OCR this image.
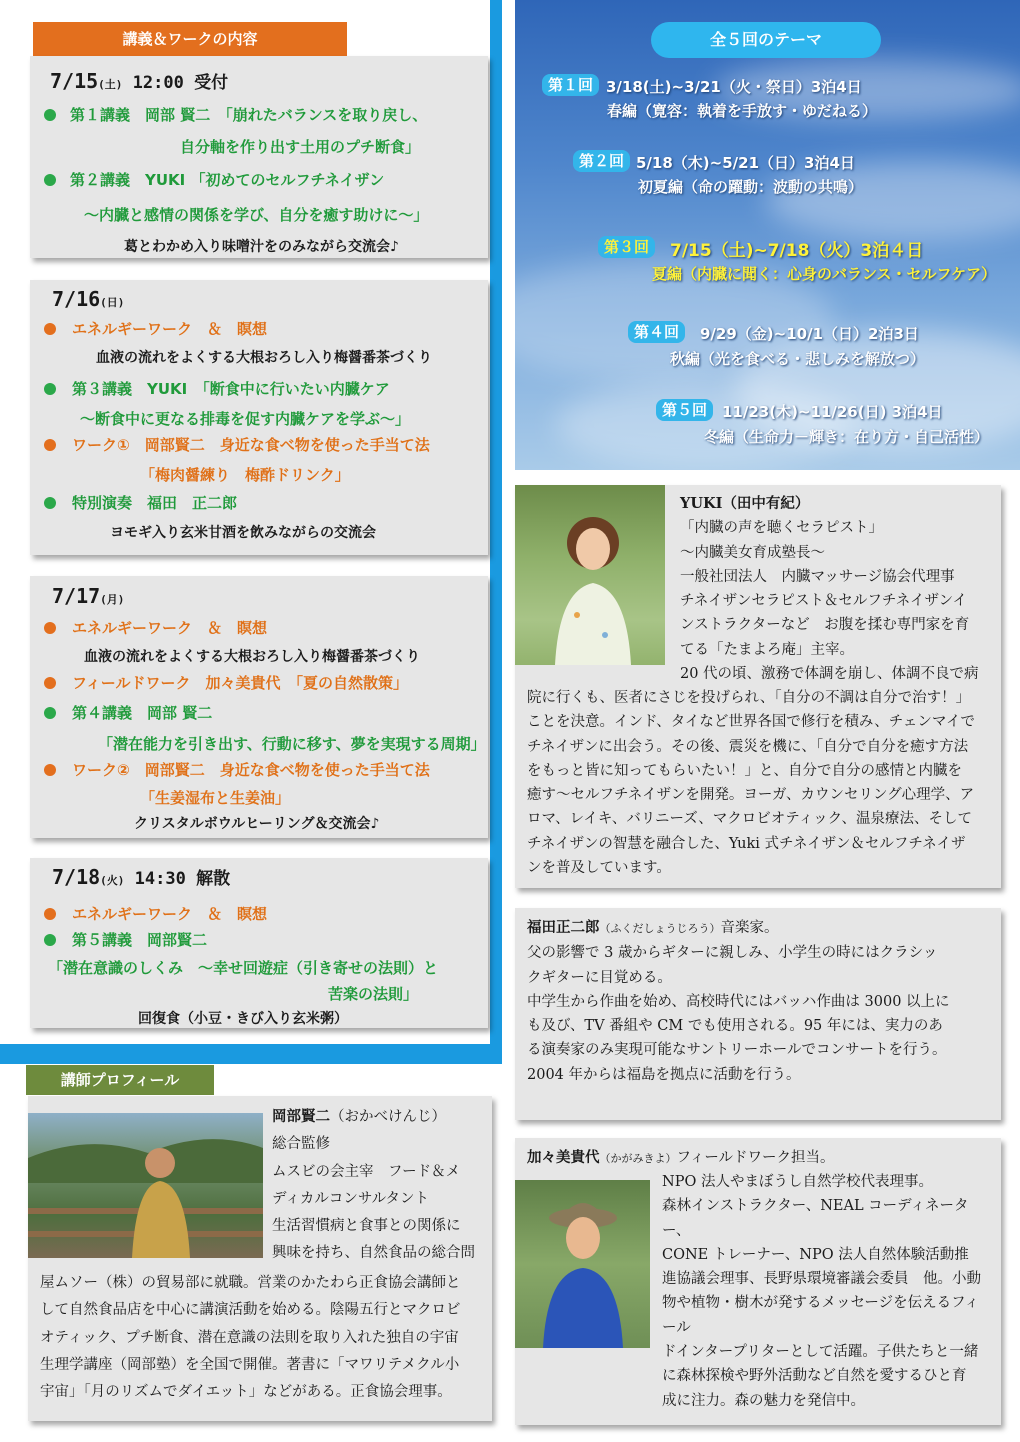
講義＆ワークの内容
7/15(土) 12:00 受付
第１講義　岡部 賢二　「崩れたバランスを取り戻し、
自分軸を作り出す土用のプチ断食」
第２講義　YUKI 「初めてのセルフチネイザン
～内臓と感情の関係を学び、自分を癒す助けに～」
葛とわかめ入り味噌汁をのみながら交流会♪
7/16(日)
エネルギーワーク　＆　瞑想
血液の流れをよくする大根おろし入り梅醤番茶づくり
第３講義　YUKI　「断食中に行いたい内臓ケア
～断食中に更なる排毒を促す内臓ケアを学ぶ～」
ワーク①　岡部賢二　身近な食べ物を使った手当て法
「梅肉醤練り　梅酢ドリンク」
特別演奏　福田　正二郎
ヨモギ入り玄米甘酒を飲みながらの交流会
7/17(月)
エネルギーワーク　＆　瞑想
血液の流れをよくする大根おろし入り梅醤番茶づくり
フィールドワーク　加々美貴代　「夏の自然散策」
第４講義　岡部 賢二
「潜在能力を引き出す、行動に移す、夢を実現する周期」
ワーク②　岡部賢二　身近な食べ物を使った手当て法
「生姜湿布と生姜油」
クリスタルボウルヒーリング＆交流会♪
7/18(火) 14:30 解散
エネルギーワーク　＆　瞑想
第５講義　岡部賢二
「潜在意識のしくみ　～幸せ回遊症（引き寄せの法則）と
苦楽の法則」
回復食（小豆・きび入り玄米粥）
全５回のテーマ
第１回 3/18(土)~3/21（火・祭日）3泊4日
春編（寛容：執着を手放す・ゆだねる）
第２回 5/18（木)~5/21（日）3泊4日
初夏編（命の躍動：波動の共鳴）
第３回	7/15（土)~7/18（火）3泊４日
夏編（内臓に聞く：心身のバランス・セルフケア）
第４回	9/29（金)~10/1（日）2泊3日
秋編（光を食べる・悲しみを解放つ）
第５回 11/23(木)~11/26(日) 3泊4日
冬編（生命力－輝き：在り方・自己活性）

YUKI（田中有紀）

「内臓の声を聴くセラピスト」

～内臓美女育成塾長～

一般社団法人　内臓マッサージ協会代理事

チネイザンセラピスト＆セルフチネイザンイ

ンストラクターなど　お腹を揉む専門家を育

てる「たまよろ庵」主宰。

20 代の頃、激務で体調を崩し、体調不良で病

院に行くも、医者にさじを投げられ、「自分の不調は自分で治す！」

ことを決意。インド、タイなど世界各国で修行を積み、チェンマイで

チネイザンに出会う。その後、震災を機に、「自分で自分を癒す方法

をもっと皆に知ってもらいたい！」と、自分で自分の感情と内臓を

癒す～セルフチネイザンを開発。ヨーガ、カウンセリング心理学、ア

ロマ、レイキ、バリニーズ、マクロビオティック、温泉療法、そして

チネイザンの智慧を融合した、Yuki 式チネイザン＆セルフチネイザ

ンを普及しています。

福田正二郎（ふくだしょうじろう）音楽家。

父の影響で 3 歳からギターに親しみ、小学生の時にはクラシッ

クギターに目覚める。

中学生から作曲を始め、高校時代にはバッハ作曲は 3000 以上に

も及び、TV 番組や CM でも使用される。95 年には、実力のあ

る演奏家のみ実現可能なサントリーホールでコンサートを行う。

2004 年からは福島を拠点に活動を行う。

加々美貴代（かがみきよ）フィールドワーク担当。

NPO 法人やまぼうし自然学校代表理事。

森林インストラクター、NEAL コーディネータ

ー、

CONE トレーナー、NPO 法人自然体験活動推

進協議会理事、長野県環境審議会委員　他。小動

物や植物・樹木が発するメッセージを伝えるフィ

ール

ドインタープリターとして活躍。子供たちと一緒

に森林探検や野外活動など自然を愛するひと育

成に注力。森の魅力を発信中。

講師プロフィール

岡部賢二（おかべけんじ）

総合監修

ムスビの会主宰　フード＆メ

ディカルコンサルタント

生活習慣病と食事との関係に

興味を持ち、自然食品の総合問

屋ムソー（株）の貿易部に就職。営業のかたわら正食協会講師と

して自然食品店を中心に講演活動を始める。陰陽五行とマクロビ

オティック、プチ断食、潜在意識の法則を取り入れた独自の宇宙

生理学講座（岡部塾）を全国で開催。著書に「マワリテメクル小

宇宙」「月のリズムでダイエット」などがある。正食協会理事。
